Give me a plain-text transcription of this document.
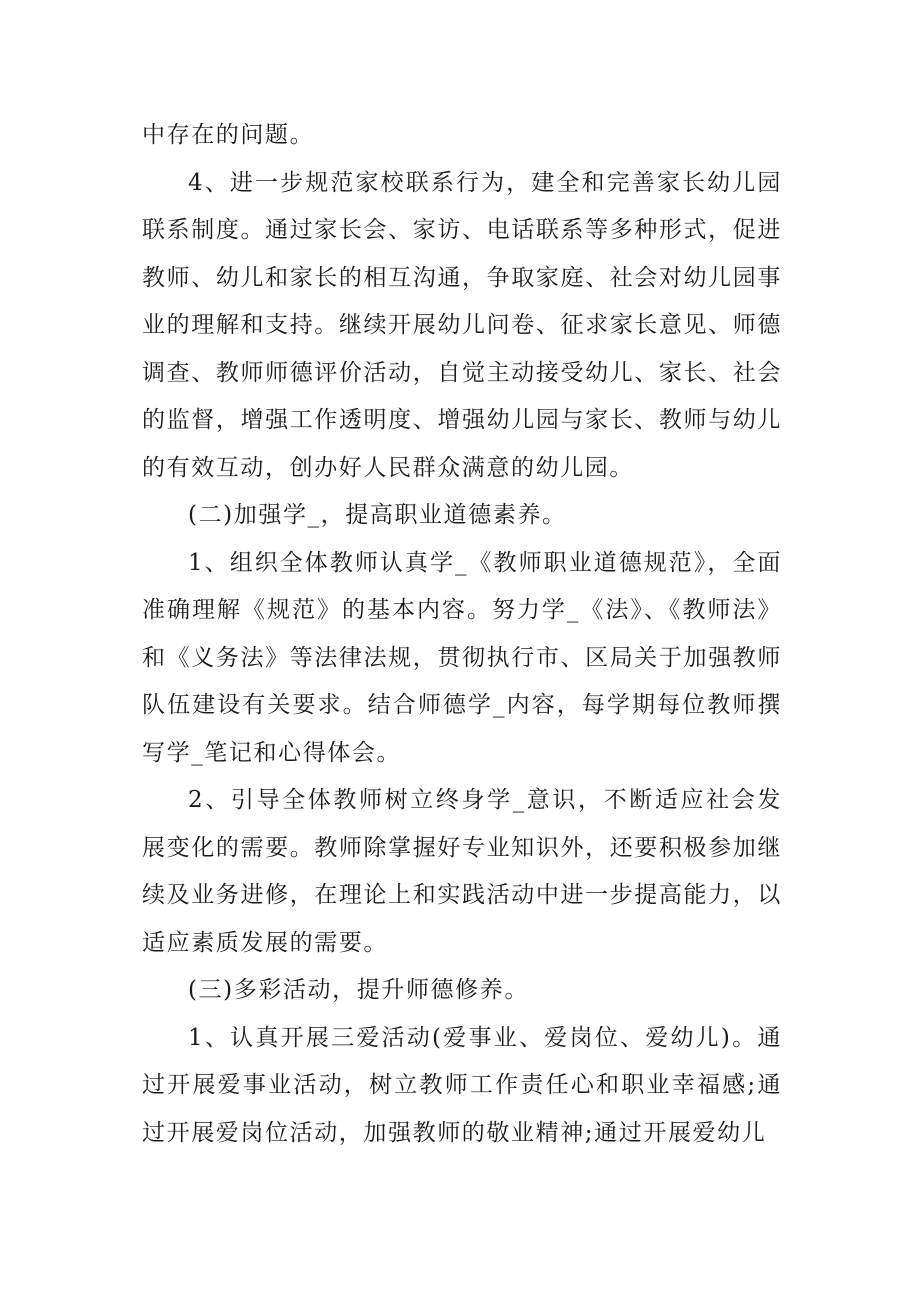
中存在的问题。

4、进一步规范家校联系行为，建全和完善家长幼儿园联系制度。通过家长会、家访、电话联系等多种形式，促进教师、幼儿和家长的相互沟通，争取家庭、社会对幼儿园事业的理解和支持。继续开展幼儿问卷、征求家长意见、师德调查、教师师德评价活动，自觉主动接受幼儿、家长、社会的监督，增强工作透明度、增强幼儿园与家长、教师与幼儿的有效互动，创办好人民群众满意的幼儿园。

(二)加强学_，提高职业道德素养。

1、组织全体教师认真学_《教师职业道德规范》，全面准确理解《规范》的基本内容。努力学_《法》、《教师法》和《义务法》等法律法规，贯彻执行市、区局关于加强教师队伍建设有关要求。结合师德学_内容，每学期每位教师撰写学_笔记和心得体会。

2、引导全体教师树立终身学_意识，不断适应社会发展变化的需要。教师除掌握好专业知识外，还要积极参加继续及业务进修，在理论上和实践活动中进一步提高能力，以适应素质发展的需要。

(三)多彩活动，提升师德修养。

1、认真开展三爱活动(爱事业、爱岗位、爱幼儿)。通过开展爱事业活动，树立教师工作责任心和职业幸福感;通过开展爱岗位活动，加强教师的敬业精神;通过开展爱幼儿
